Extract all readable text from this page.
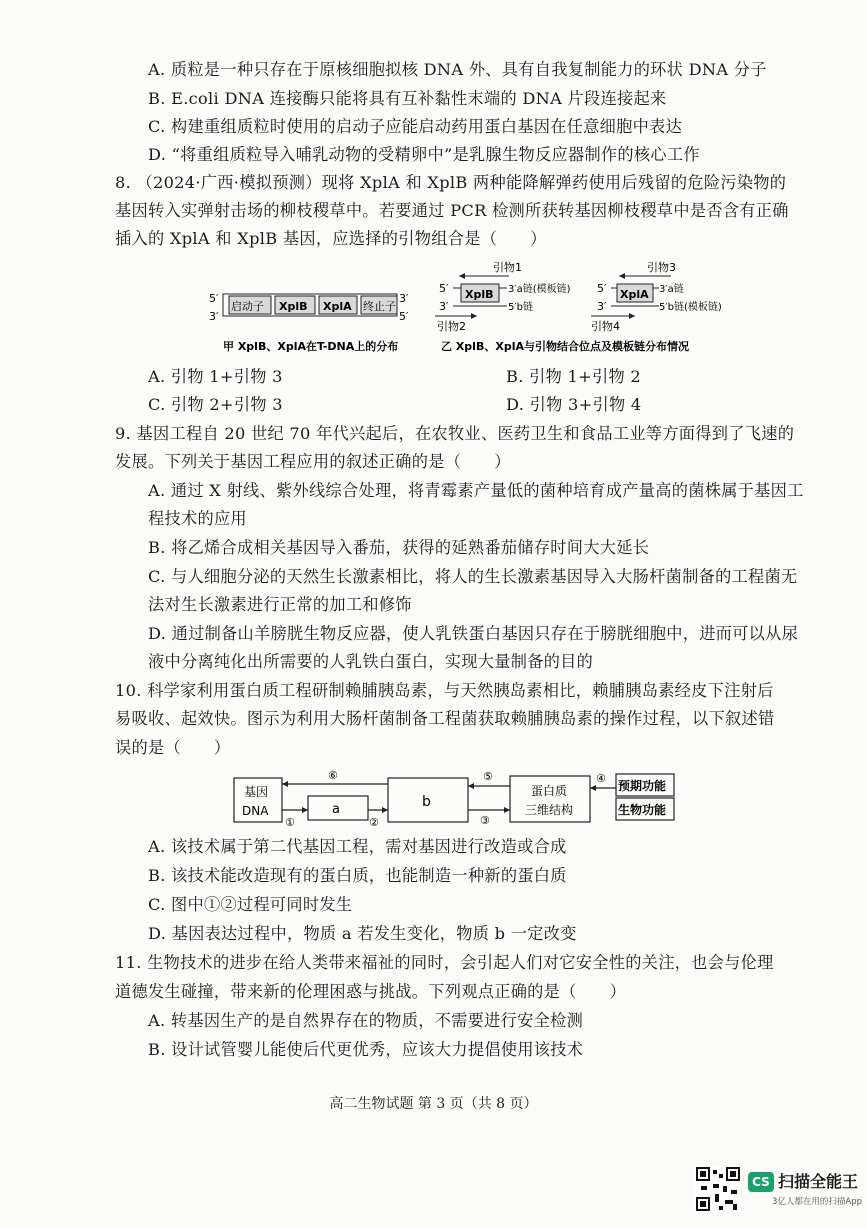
A. 质粒是一种只存在于原核细胞拟核 DNA 外、具有自我复制能力的环状 DNA 分子
B. E.coli DNA 连接酶只能将具有互补黏性末端的 DNA 片段连接起来
C. 构建重组质粒时使用的启动子应能启动药用蛋白基因在任意细胞中表达
D. “将重组质粒导入哺乳动物的受精卵中”是乳腺生物反应器制作的核心工作
8. （2024·广西·模拟预测）现将 XplA 和 XplB 两种能降解弹药使用后残留的危险污染物的
基因转入实弹射击场的柳枝稷草中。若要通过 PCR 检测所获转基因柳枝稷草中是否含有正确
插入的 XplA 和 XplB 基因，应选择的引物组合是（　　）
A. 引物 1+引物 3	B. 引物 1+引物 2
C. 引物 2+引物 3	D. 引物 3+引物 4
9. 基因工程自 20 世纪 70 年代兴起后，在农牧业、医药卫生和食品工业等方面得到了飞速的
发展。下列关于基因工程应用的叙述正确的是（　　）
A. 通过 X 射线、紫外线综合处理，将青霉素产量低的菌种培育成产量高的菌株属于基因工
程技术的应用
B. 将乙烯合成相关基因导入番茄，获得的延熟番茄储存时间大大延长
C. 与人细胞分泌的天然生长激素相比，将人的生长激素基因导入大肠杆菌制备的工程菌无
法对生长激素进行正常的加工和修饰
D. 通过制备山羊膀胱生物反应器，使人乳铁蛋白基因只存在于膀胱细胞中，进而可以从尿
液中分离纯化出所需要的人乳铁白蛋白，实现大量制备的目的
10. 科学家利用蛋白质工程研制赖脯胰岛素，与天然胰岛素相比，赖脯胰岛素经皮下注射后
易吸收、起效快。图示为利用大肠杆菌制备工程菌获取赖脯胰岛素的操作过程，以下叙述错
误的是（　　）
A. 该技术属于第二代基因工程，需对基因进行改造或合成
B. 该技术能改造现有的蛋白质，也能制造一种新的蛋白质
C. 图中①②过程可同时发生
D. 基因表达过程中，物质 a 若发生变化，物质 b 一定改变
11. 生物技术的进步在给人类带来福祉的同时，会引起人们对它安全性的关注，也会与伦理
道德发生碰撞，带来新的伦理困惑与挑战。下列观点正确的是（　　）
A. 转基因生产的是自然界存在的物质，不需要进行安全检测
B. 设计试管婴儿能使后代更优秀，应该大力提倡使用该技术
5′
3′
3′
5′
启动子 XplB XplA 终止子
甲 XplB、XplA在T-DNA上的分布
引物1
5′
3′
XplB 3′a链(模板链)
5′b链
引物2
引物3
5′
3′
XplA 3′a链
5′b链(模板链)
引物4
乙 XplB、XplA与引物结合位点及模板链分布情况
基因
DNA	a	b
蛋白质
三维结构
预期功能
生物功能
①	②	③
④
⑤
⑥
高二生物试题 第 3 页（共 8 页）
CS 扫描全能王
3亿人都在用的扫描App
